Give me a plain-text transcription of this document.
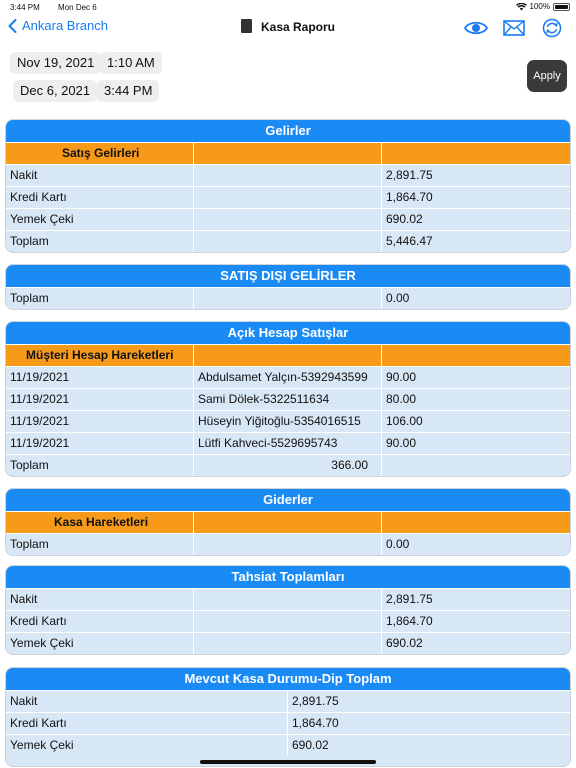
3:44 PM Mon Dec 6	100%
Ankara Branch	Kasa Raporu
Nov 19, 2021 1:10 AM
Dec 6, 2021	3:44 PM
Apply
Gelirler
Satış Gelirleri
Nakit	2,891.75
Kredi Kartı	1,864.70
Yemek Çeki	690.02
Toplam	5,446.47
SATIŞ DIŞI GELİRLER
Toplam	0.00
Açık Hesap Satışlar
Müşteri Hesap Hareketleri
11/19/2021	Abdulsamet Yalçın-5392943599	90.00
11/19/2021	Sami Dölek-5322511634	80.00
11/19/2021	Hüseyin Yiğitoğlu-5354016515	106.00
11/19/2021	Lütfi Kahveci-5529695743	90.00
Toplam	366.00
Giderler
Kasa Hareketleri
Toplam	0.00
Tahsiat Toplamları
Nakit	2,891.75
Kredi Kartı	1,864.70
Yemek Çeki	690.02
Mevcut Kasa Durumu-Dip Toplam
Nakit	2,891.75
Kredi Kartı	1,864.70
Yemek Çeki	690.02
